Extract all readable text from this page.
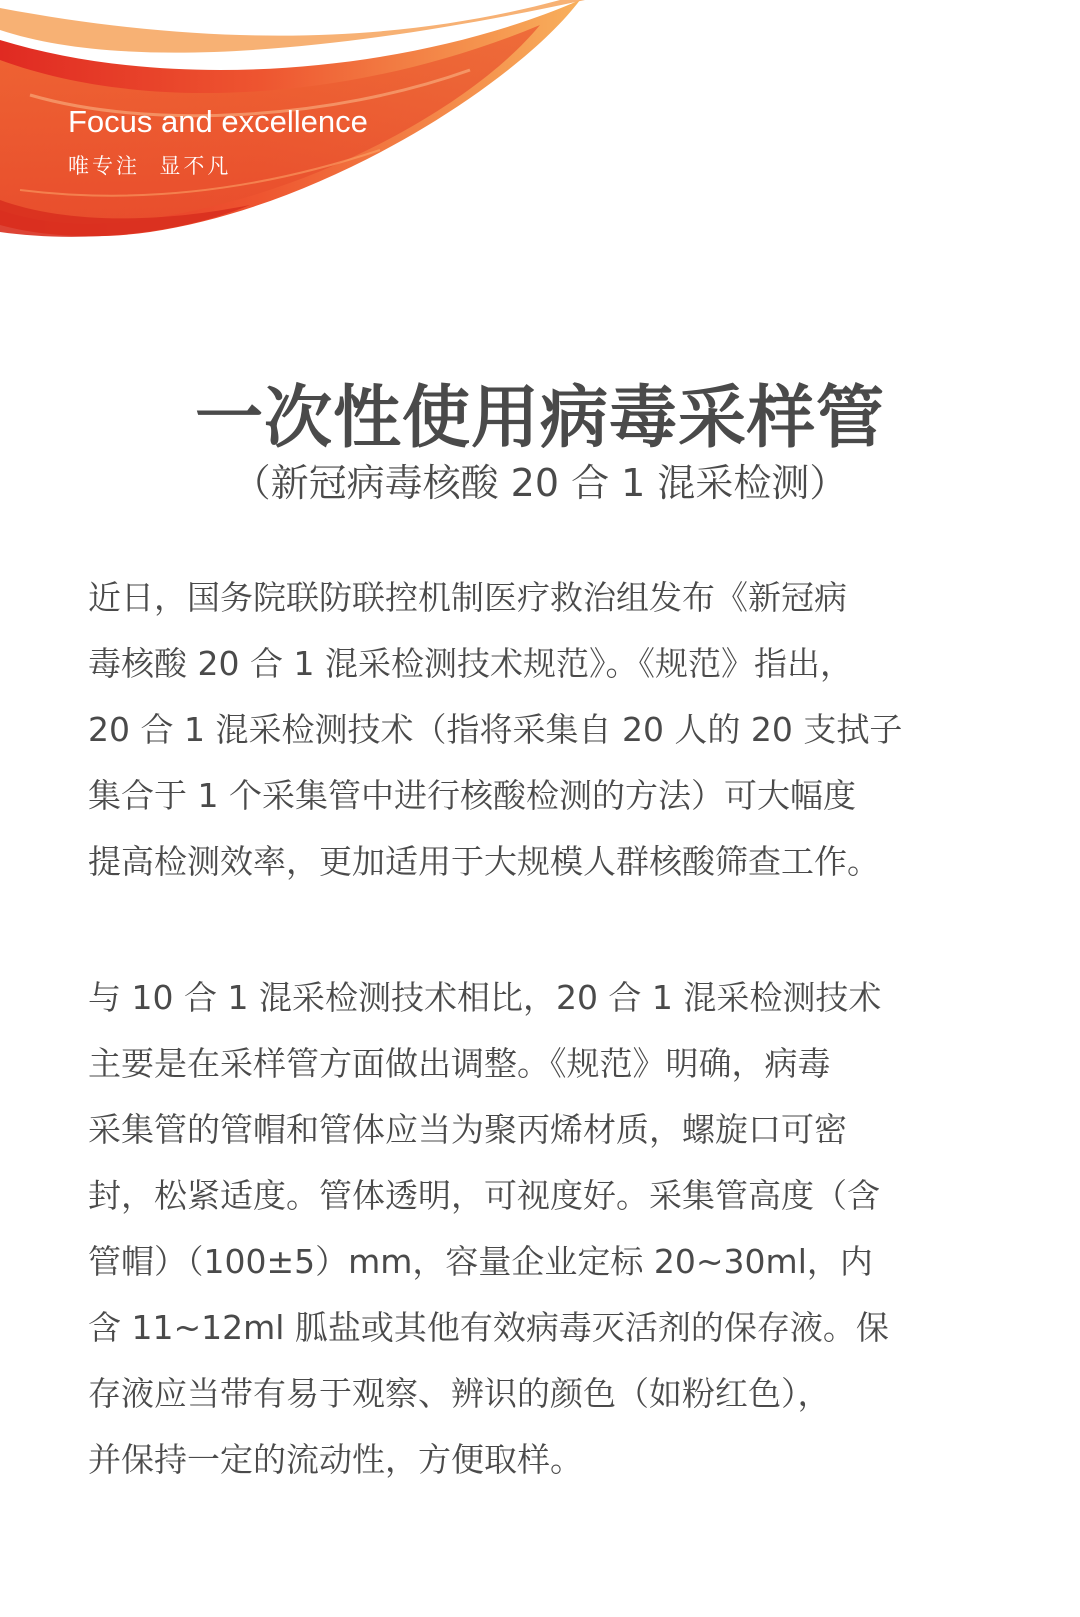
Focus and excellence
唯专注  显不凡
一次性使用病毒采样管
（新冠病毒核酸 20 合 1 混采检测）
近日，国务院联防联控机制医疗救治组发布《新冠病
毒核酸 20 合 1 混采检测技术规范》。《规范》指出，
20 合 1 混采检测技术（指将采集自 20 人的 20 支拭子
集合于 1 个采集管中进行核酸检测的方法）可大幅度
提高检测效率，更加适用于大规模人群核酸筛查工作。
与 10 合 1 混采检测技术相比，20 合 1 混采检测技术
主要是在采样管方面做出调整。《规范》明确，病毒
采集管的管帽和管体应当为聚丙烯材质，螺旋口可密
封，松紧适度。管体透明，可视度好。采集管高度（含
管帽）（100±5）mm，容量企业定标 20~30ml，内
含 11~12ml 胍盐或其他有效病毒灭活剂的保存液。保
存液应当带有易于观察、辨识的颜色（如粉红色），
并保持一定的流动性，方便取样。
